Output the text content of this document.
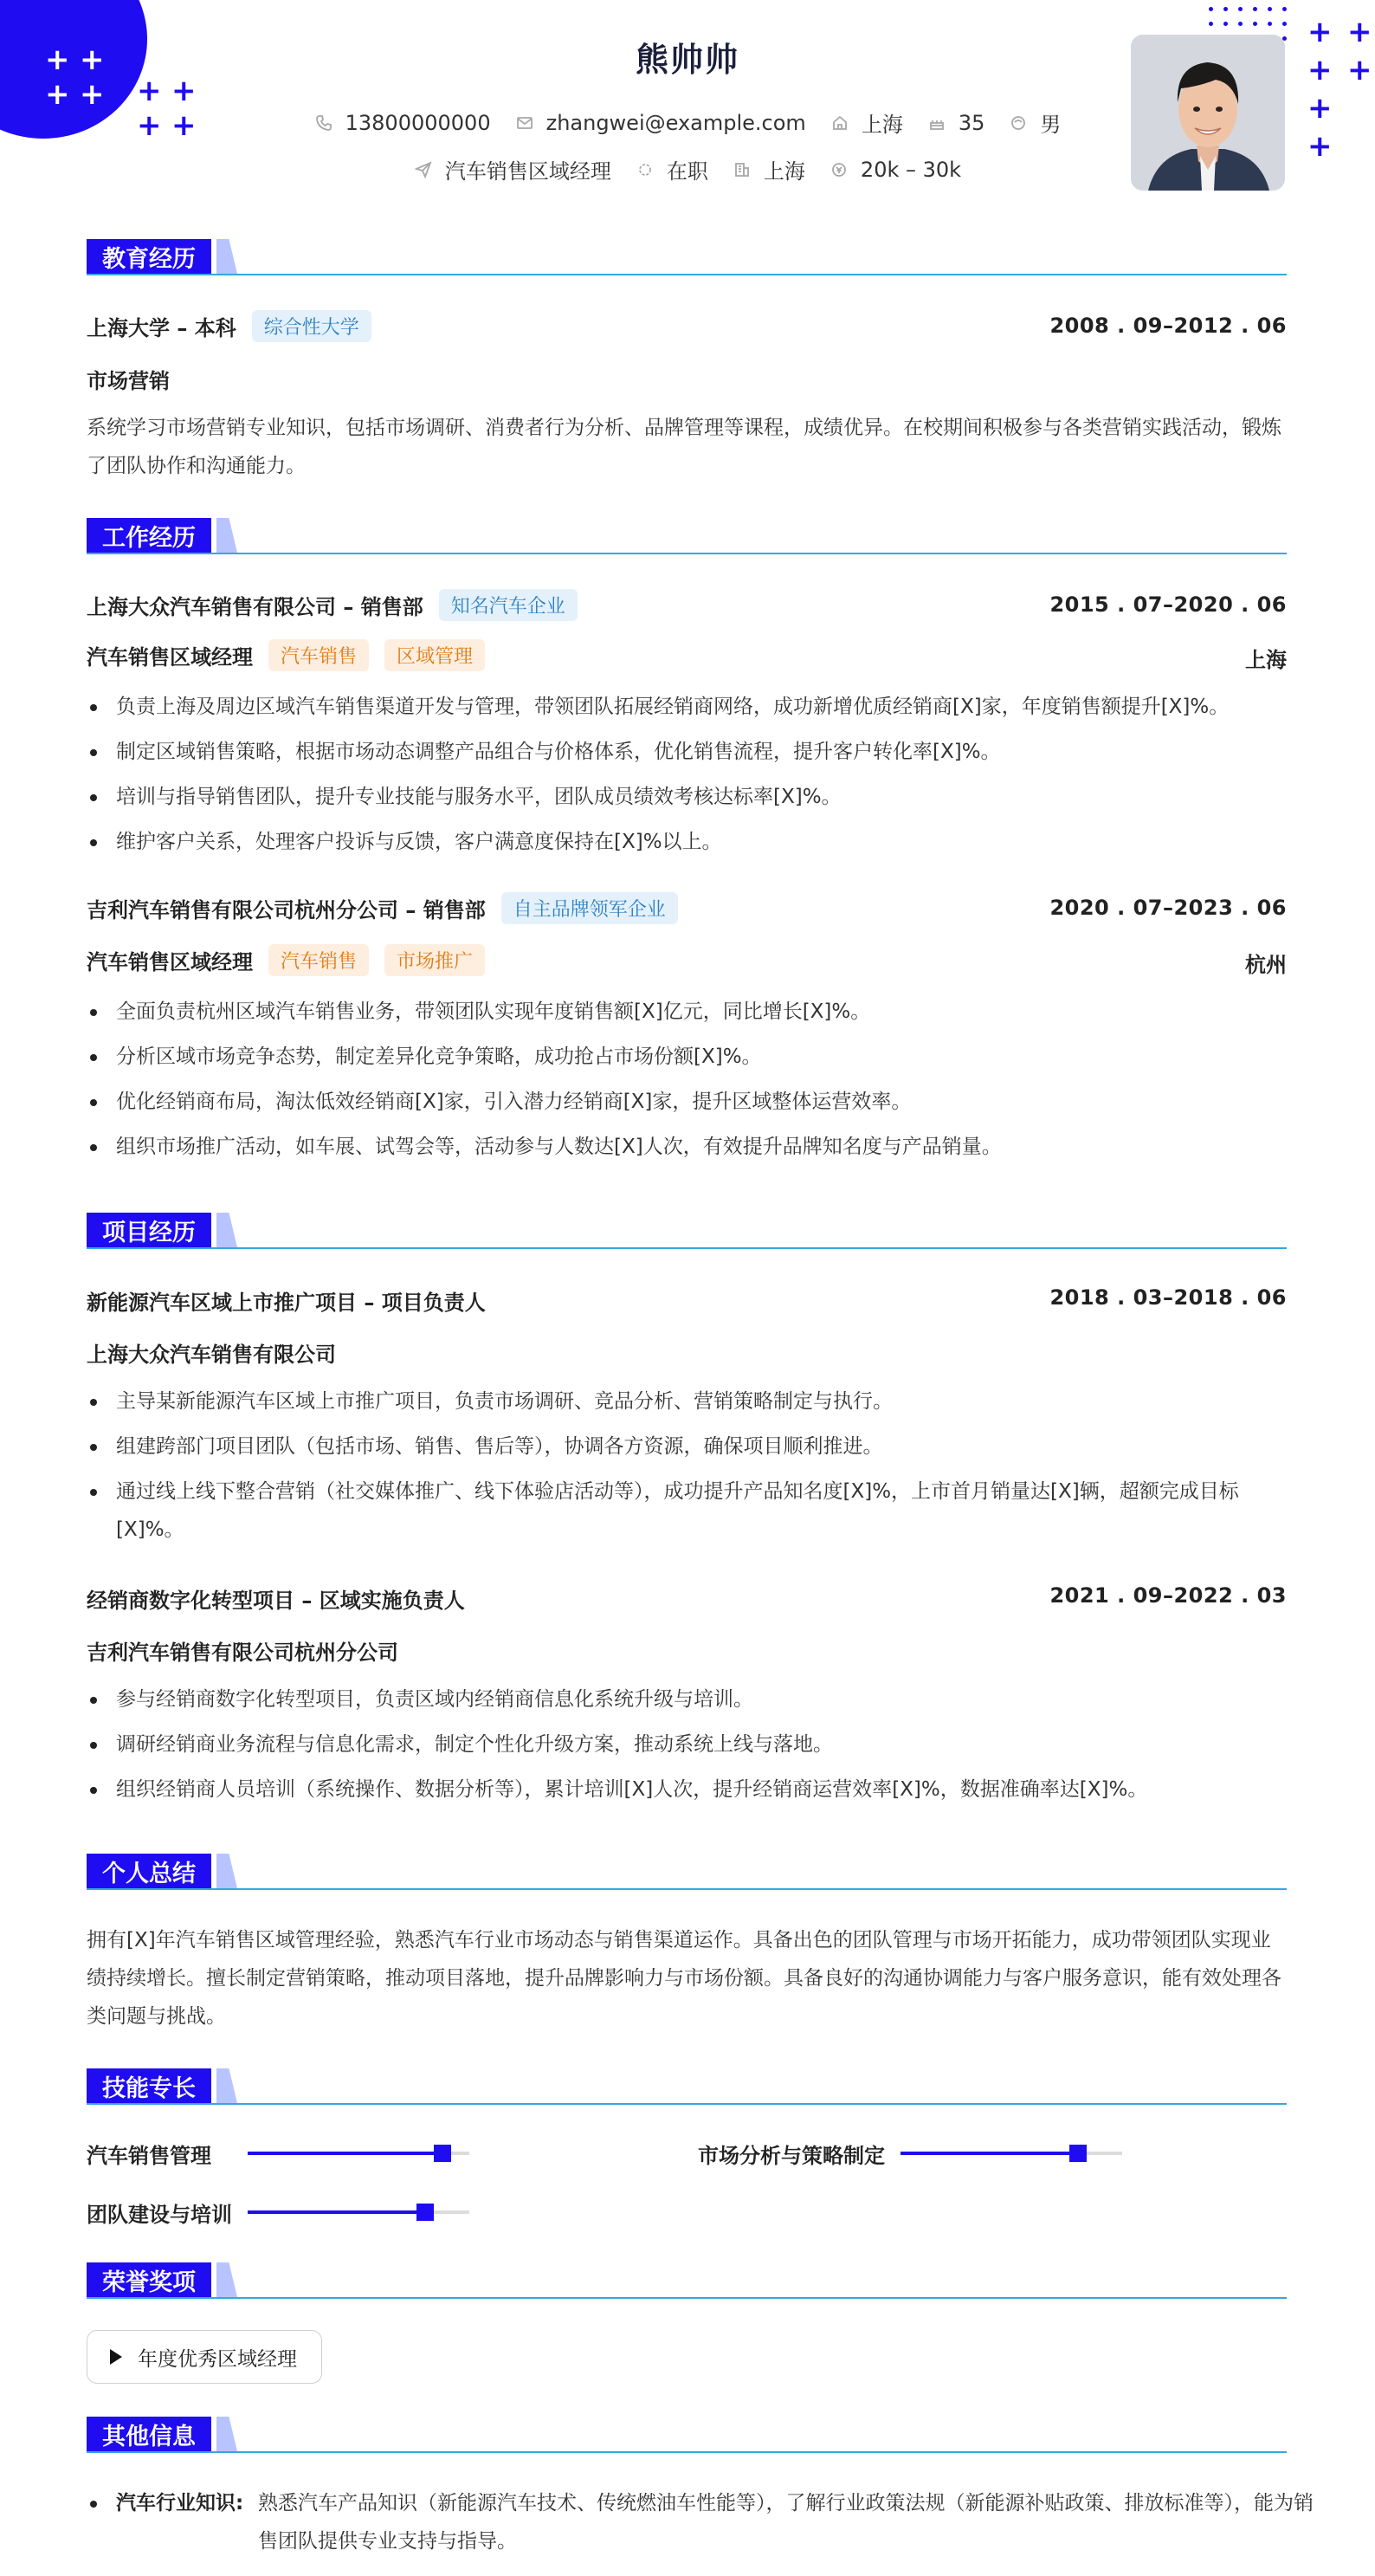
+ +
+ + + +
+ +
+ +
+ +
+
+
熊帅帅
13800000000	zhangwei@example.com	上海	35	男
汽车销售区域经理	在职	上海	20k – 30k
教育经历
上海大学 – 本科	综合性大学	2008 . 09–2012 . 06
市场营销
系统学习市场营销专业知识，包括市场调研、消费者行为分析、品牌管理等课程，成绩优异。在校期间积极参与各类营销实践活动，锻炼了团队协作和沟通能力。
工作经历
上海大众汽车销售有限公司 – 销售部	知名汽车企业	2015 . 07–2020 . 06
汽车销售区域经理	汽车销售	区域管理	上海
负责上海及周边区域汽车销售渠道开发与管理，带领团队拓展经销商网络，成功新增优质经销商[X]家，年度销售额提升[X]%。
制定区域销售策略，根据市场动态调整产品组合与价格体系，优化销售流程，提升客户转化率[X]%。
培训与指导销售团队，提升专业技能与服务水平，团队成员绩效考核达标率[X]%。
维护客户关系，处理客户投诉与反馈，客户满意度保持在[X]%以上。
吉利汽车销售有限公司杭州分公司 – 销售部	自主品牌领军企业	2020 . 07–2023 . 06
汽车销售区域经理	汽车销售	市场推广	杭州
全面负责杭州区域汽车销售业务，带领团队实现年度销售额[X]亿元，同比增长[X]%。
分析区域市场竞争态势，制定差异化竞争策略，成功抢占市场份额[X]%。
优化经销商布局，淘汰低效经销商[X]家，引入潜力经销商[X]家，提升区域整体运营效率。
组织市场推广活动，如车展、试驾会等，活动参与人数达[X]人次，有效提升品牌知名度与产品销量。
项目经历
新能源汽车区域上市推广项目 – 项目负责人	2018 . 03–2018 . 06
上海大众汽车销售有限公司
主导某新能源汽车区域上市推广项目，负责市场调研、竞品分析、营销策略制定与执行。
组建跨部门项目团队（包括市场、销售、售后等），协调各方资源，确保项目顺利推进。
通过线上线下整合营销（社交媒体推广、线下体验店活动等），成功提升产品知名度[X]%，上市首月销量达[X]辆，超额完成目标[X]%。
经销商数字化转型项目 – 区域实施负责人	2021 . 09–2022 . 03
吉利汽车销售有限公司杭州分公司
参与经销商数字化转型项目，负责区域内经销商信息化系统升级与培训。
调研经销商业务流程与信息化需求，制定个性化升级方案，推动系统上线与落地。
组织经销商人员培训（系统操作、数据分析等），累计培训[X]人次，提升经销商运营效率[X]%，数据准确率达[X]%。
个人总结
拥有[X]年汽车销售区域管理经验，熟悉汽车行业市场动态与销售渠道运作。具备出色的团队管理与市场开拓能力，成功带领团队实现业绩持续增长。擅长制定营销策略，推动项目落地，提升品牌影响力与市场份额。具备良好的沟通协调能力与客户服务意识，能有效处理各类问题与挑战。
技能专长
汽车销售管理	市场分析与策略制定
团队建设与培训
荣誉奖项
年度优秀区域经理
其他信息
汽车行业知识: 熟悉汽车产品知识（新能源汽车技术、传统燃油车性能等），了解行业政策法规（新能源补贴政策、排放标准等），能为销售团队提供专业支持与指导。
